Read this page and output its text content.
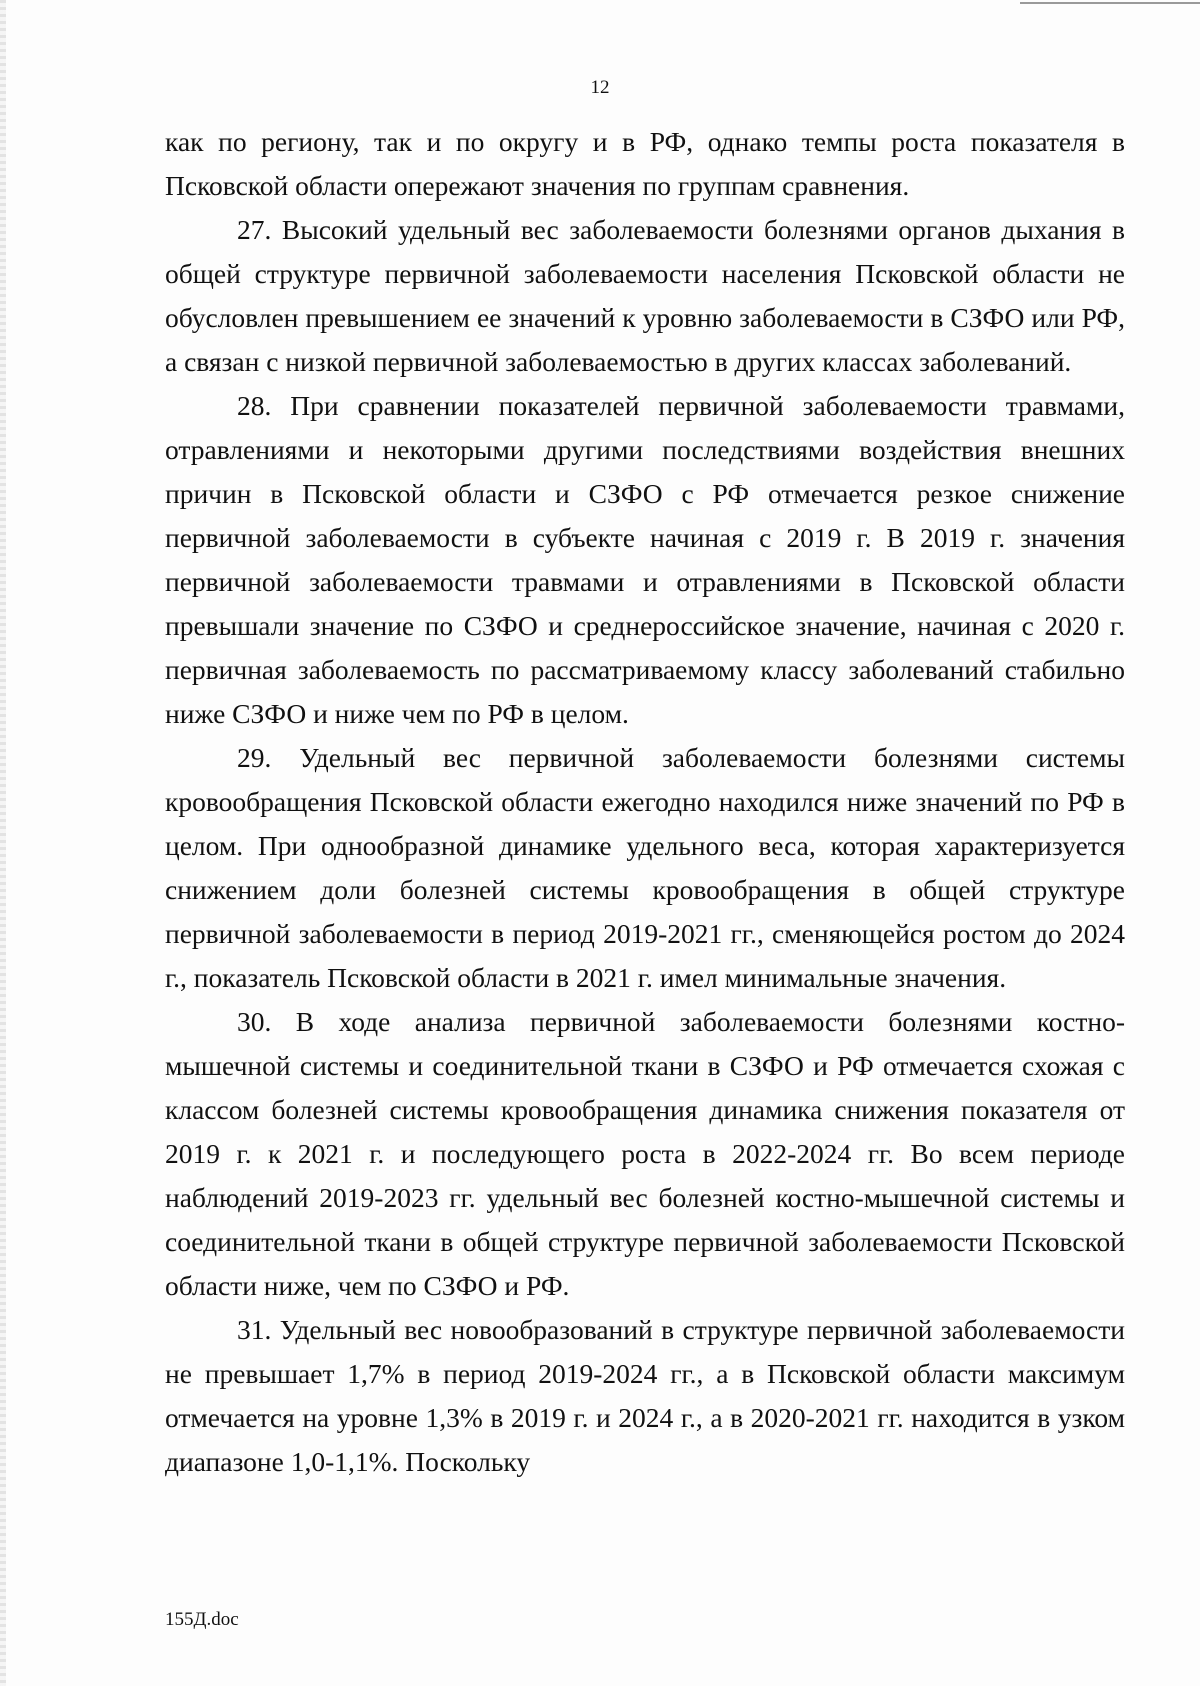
12

как по региону, так и по округу и в РФ, однако темпы роста показателя в Псковской области опережают значения по группам сравнения.

27. Высокий удельный вес заболеваемости болезнями органов дыхания в общей структуре первичной заболеваемости населения Псковской области не обусловлен превышением ее значений к уровню заболеваемости в СЗФО или РФ, а связан с низкой первичной заболеваемостью в других классах заболеваний.

28. При сравнении показателей первичной заболеваемости травмами, отравлениями и некоторыми другими последствиями воздействия внешних причин в Псковской области и СЗФО с РФ отмечается резкое снижение первичной заболеваемости в субъекте начиная с 2019 г. В 2019 г. значения первичной заболеваемости травмами и отравлениями в Псковской области превышали значение по СЗФО и среднероссийское значение, начиная с 2020 г. первичная заболеваемость по рассматриваемому классу заболеваний стабильно ниже СЗФО и ниже чем по РФ в целом.

29. Удельный вес первичной заболеваемости болезнями системы кровообращения Псковской области ежегодно находился ниже значений по РФ в целом. При однообразной динамике удельного веса, которая характеризуется снижением доли болезней системы кровообращения в общей структуре первичной заболеваемости в период 2019-2021 гг., сменяющейся ростом до 2024 г., показатель Псковской области в 2021 г. имел минимальные значения.

30. В ходе анализа первичной заболеваемости болезнями костно-мышечной системы и соединительной ткани в СЗФО и РФ отмечается схожая с классом болезней системы кровообращения динамика снижения показателя от 2019 г. к 2021 г. и последующего роста в 2022-2024 гг. Во всем периоде наблюдений 2019-2023 гг. удельный вес болезней костно-мышечной системы и соединительной ткани в общей структуре первичной заболеваемости Псковской области ниже, чем по СЗФО и РФ.

31. Удельный вес новообразований в структуре первичной заболеваемости не превышает 1,7% в период 2019-2024 гг., а в Псковской области максимум отмечается на уровне 1,3% в 2019 г. и 2024 г., а в 2020-2021 гг. находится в узком диапазоне 1,0-1,1%. Поскольку

155Д.doc
